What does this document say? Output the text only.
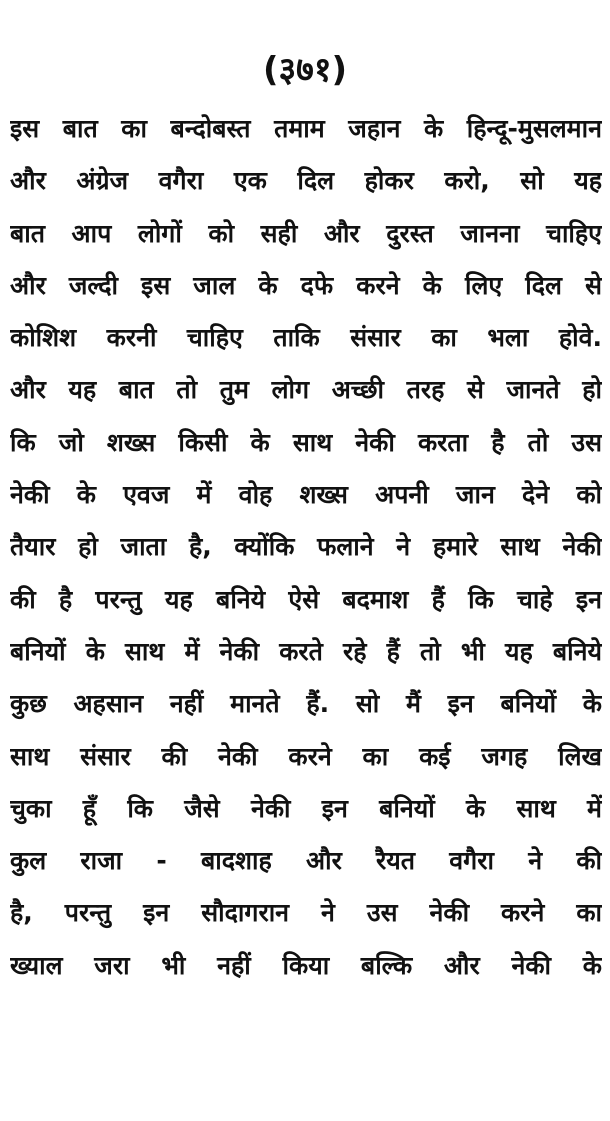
(३७१)
इस बात का बन्दोबस्त तमाम जहान के हिन्दू-मुसलमान
और अंग्रेज वगैरा एक दिल होकर करो, सो यह
बात आप लोगों को सही और दुरस्त जानना चाहिए
और जल्दी इस जाल के दफे करने के लिए दिल से
कोशिश करनी चाहिए ताकि संसार का भला होवे.
और यह बात तो तुम लोग अच्छी तरह से जानते हो
कि जो शख्स किसी के साथ नेकी करता है तो उस
नेकी के एवज में वोह शख्स अपनी जान देने को
तैयार हो जाता है, क्योंकि फलाने ने हमारे साथ नेकी
की है परन्तु यह बनिये ऐसे बदमाश हैं कि चाहे इन
बनियों के साथ में नेकी करते रहे हैं तो भी यह बनिये
कुछ अहसान नहीं मानते हैं. सो मैं इन बनियों के
साथ संसार की नेकी करने का कई जगह लिख
चुका हूँ कि जैसे नेकी इन बनियों के साथ में
कुल राजा - बादशाह और रैयत वगैरा ने की
है, परन्तु इन सौदागरान ने उस नेकी करने का
ख्याल जरा भी नहीं किया बल्कि और नेकी के
